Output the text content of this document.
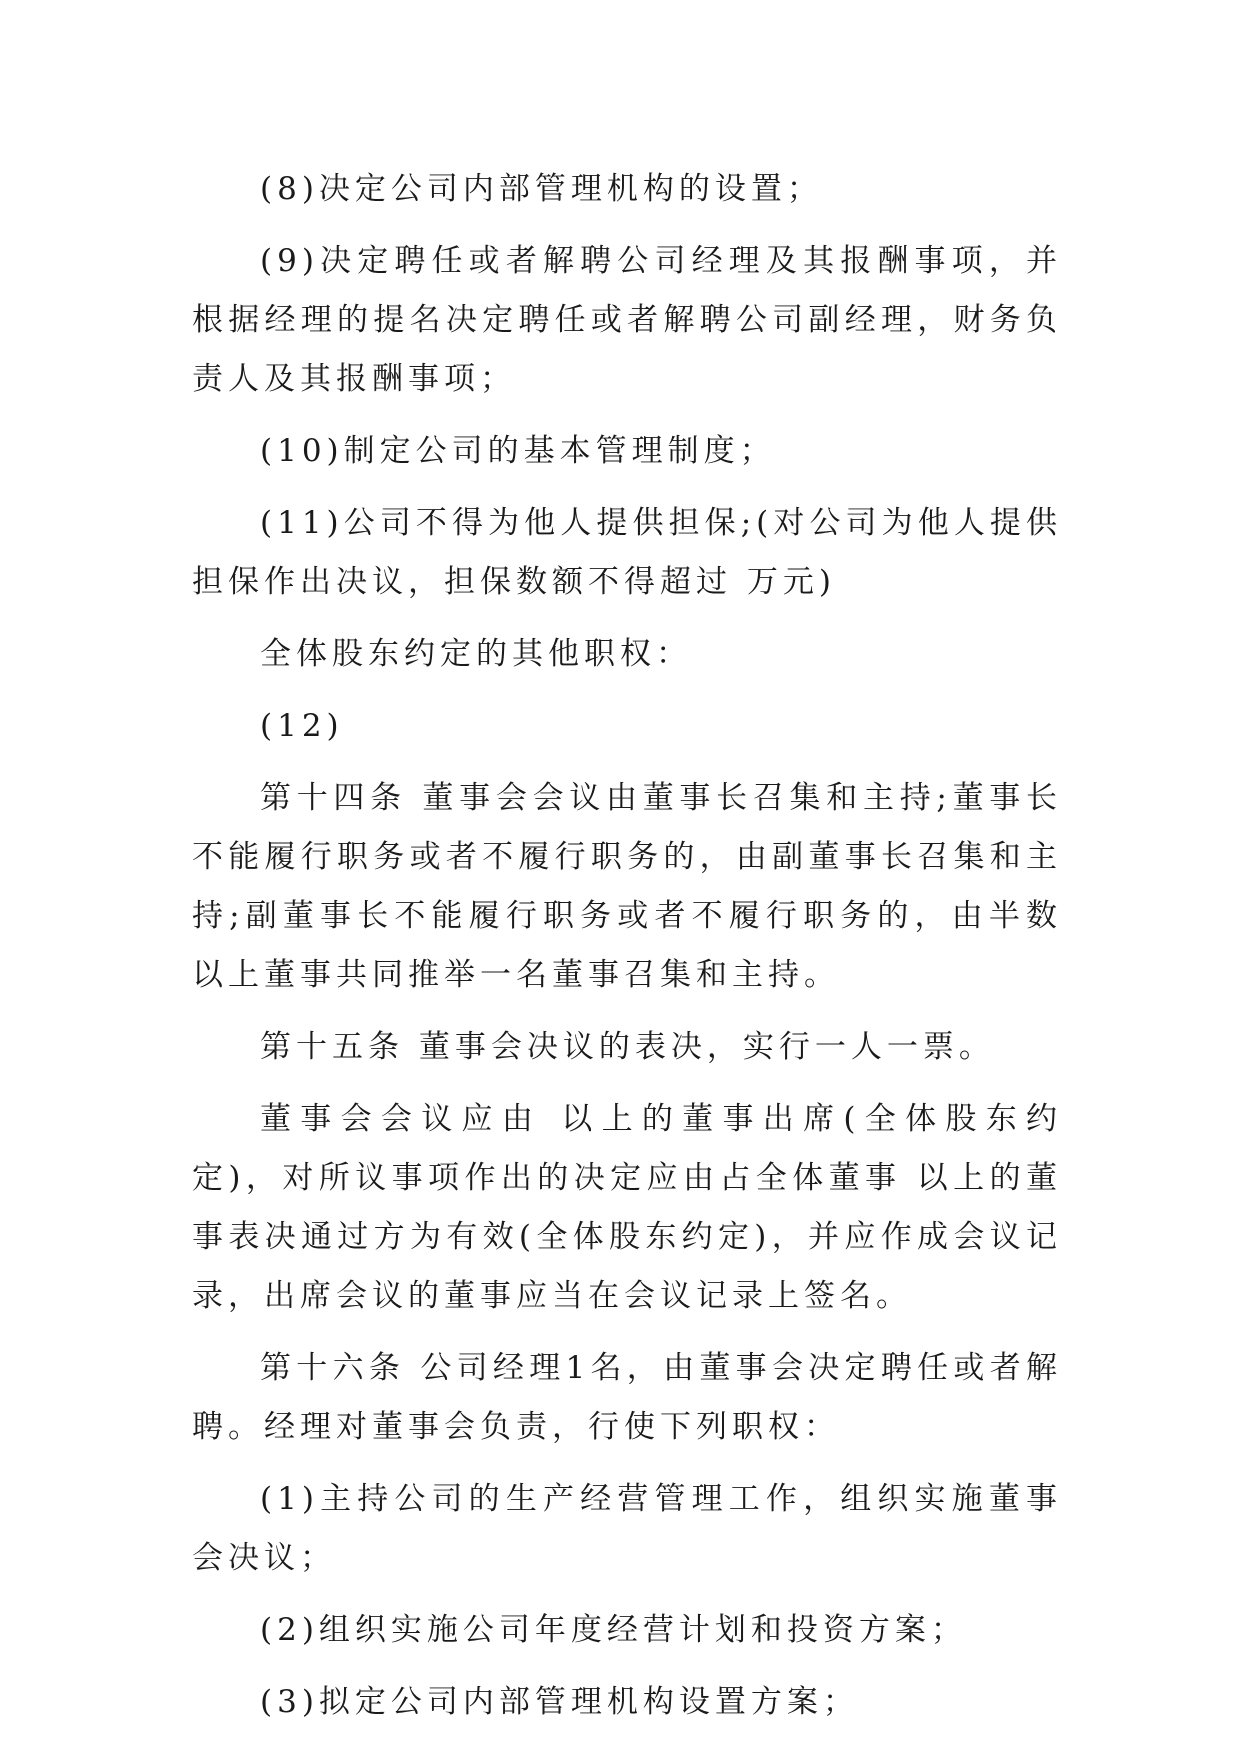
(8)决定公司内部管理机构的设置；

(9)决定聘任或者解聘公司经理及其报酬事项，并根据经理的提名决定聘任或者解聘公司副经理，财务负责人及其报酬事项；

(10)制定公司的基本管理制度；

(11)公司不得为他人提供担保;(对公司为他人提供担保作出决议，担保数额不得超过 万元)

全体股东约定的其他职权：

(12)

第十四条 董事会会议由董事长召集和主持;董事长不能履行职务或者不履行职务的，由副董事长召集和主持;副董事长不能履行职务或者不履行职务的，由半数以上董事共同推举一名董事召集和主持。

第十五条 董事会决议的表决，实行一人一票。

董事会会议应由 以上的董事出席(全体股东约定)，对所议事项作出的决定应由占全体董事 以上的董事表决通过方为有效(全体股东约定)，并应作成会议记录，出席会议的董事应当在会议记录上签名。

第十六条 公司经理1名，由董事会决定聘任或者解聘。经理对董事会负责，行使下列职权：

(1)主持公司的生产经营管理工作，组织实施董事会决议；

(2)组织实施公司年度经营计划和投资方案；

(3)拟定公司内部管理机构设置方案；
